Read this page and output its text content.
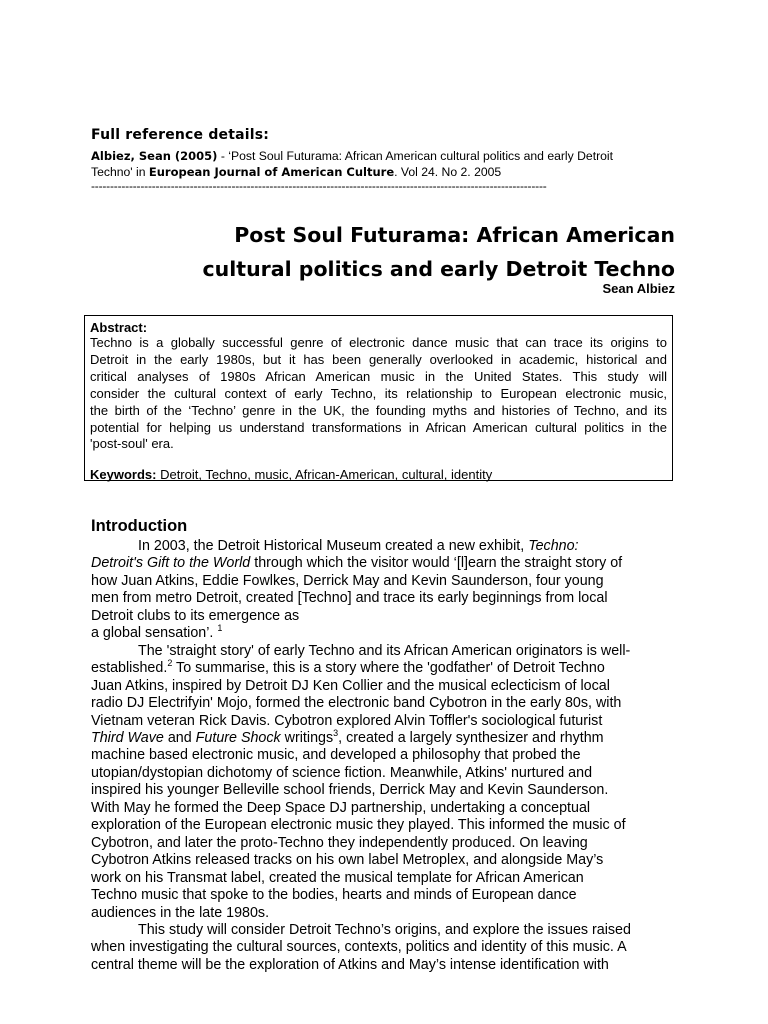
Full reference details:

Albiez, Sean (2005) - ‘Post Soul Futurama: African American cultural politics and early Detroit

Techno' in European Journal of American Culture. Vol 24. No 2. 2005

------------------------------------------------------------------------------------------------------------------------

Post Soul Futurama: African American
cultural politics and early Detroit Techno

Sean Albiez

Abstract:

Techno is a globally successful genre of electronic dance music that can trace its origins to
Detroit in the early 1980s, but it has been generally overlooked in academic, historical and
critical analyses of 1980s African American music in the United States. This study will
consider the cultural context of early Techno, its relationship to European electronic music,
the birth of the ‘Techno’ genre in the UK, the founding myths and histories of Techno, and its
potential for helping us understand transformations in African American cultural politics in the
'post-soul' era.

Keywords: Detroit, Techno, music, African-American, cultural, identity

Introduction

In 2003, the Detroit Historical Museum created a new exhibit, Techno:
Detroit's Gift to the World through which the visitor would ‘[l]earn the straight story of
how Juan Atkins, Eddie Fowlkes, Derrick May and Kevin Saunderson, four young
men from metro Detroit, created [Techno] and trace its early beginnings from local
Detroit clubs to its emergence as
a global sensation’. $^1$

The 'straight story' of early Techno and its African American originators is well-
established.$^2$ To summarise, this is a story where the 'godfather' of Detroit Techno
Juan Atkins, inspired by Detroit DJ Ken Collier and the musical eclecticism of local
radio DJ Electrifyin' Mojo, formed the electronic band Cybotron in the early 80s, with
Vietnam veteran Rick Davis. Cybotron explored Alvin Toffler's sociological futurist
Third Wave and Future Shock writings$^3$, created a largely synthesizer and rhythm
machine based electronic music, and developed a philosophy that probed the
utopian/dystopian dichotomy of science fiction. Meanwhile, Atkins' nurtured and
inspired his younger Belleville school friends, Derrick May and Kevin Saunderson.
With May he formed the Deep Space DJ partnership, undertaking a conceptual
exploration of the European electronic music they played. This informed the music of
Cybotron, and later the proto-Techno they independently produced. On leaving
Cybotron Atkins released tracks on his own label Metroplex, and alongside May’s
work on his Transmat label, created the musical template for African American
Techno music that spoke to the bodies, hearts and minds of European dance
audiences in the late 1980s.

This study will consider Detroit Techno’s origins, and explore the issues raised
when investigating the cultural sources, contexts, politics and identity of this music. A
central theme will be the exploration of Atkins and May’s intense identification with
